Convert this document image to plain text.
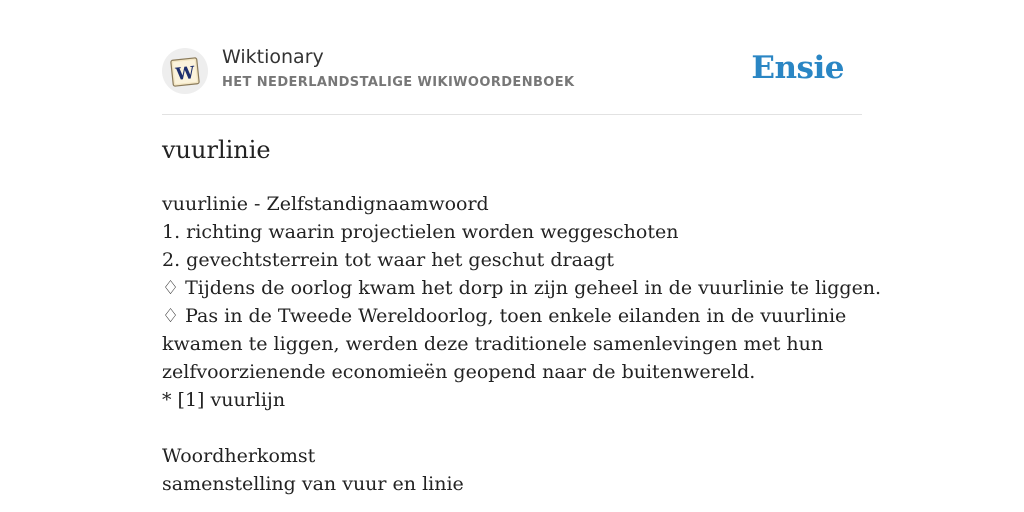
W
Wiktionary
HET NEDERLANDSTALIGE WIKIWOORDENBOEK	Ensie
vuurlinie
vuurlinie - Zelfstandignaamwoord
1. richting waarin projectielen worden weggeschoten
2. gevechtsterrein tot waar het geschut draagt
♢ Tijdens de oorlog kwam het dorp in zijn geheel in de vuurlinie te liggen.
♢ Pas in de Tweede Wereldoorlog, toen enkele eilanden in de vuurlinie kwamen te liggen, werden deze traditionele samenlevingen met hun zelfvoorzienende economieën geopend naar de buitenwereld.
* [1] vuurlijn
Woordherkomst
samenstelling van vuur en linie
